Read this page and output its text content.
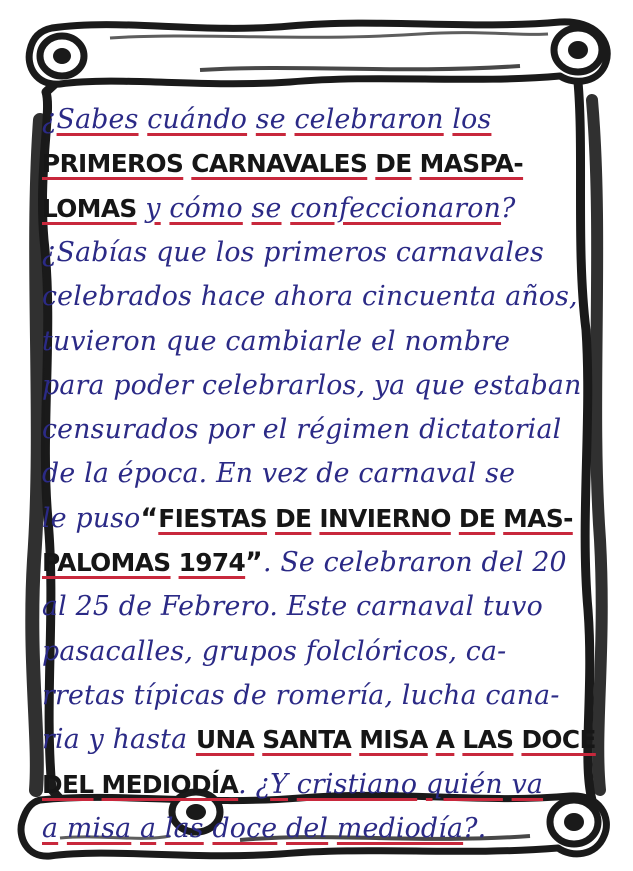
¿Sabes cuándo se celebraron los
PRIMEROS CARNAVALES DE MASPA-
LOMAS y cómo se confeccionaron?
¿Sabías que los primeros carnavales
celebrados hace ahora cincuenta años,
tuvieron que cambiarle el nombre
para poder celebrarlos, ya que estaban
censurados por el régimen dictatorial
de la época. En vez de carnaval se
le puso“FIESTAS DE INVIERNO DE MAS-
PALOMAS 1974”. Se celebraron del 20
al 25 de Febrero. Este carnaval tuvo
pasacalles, grupos folclóricos, ca-
rretas típicas de romería, lucha cana-
ria y hasta UNA SANTA MISA A LAS DOCE
DEL MEDIODÍA. ¿Y cristiano quién va
a misa a las doce del mediodía?.
